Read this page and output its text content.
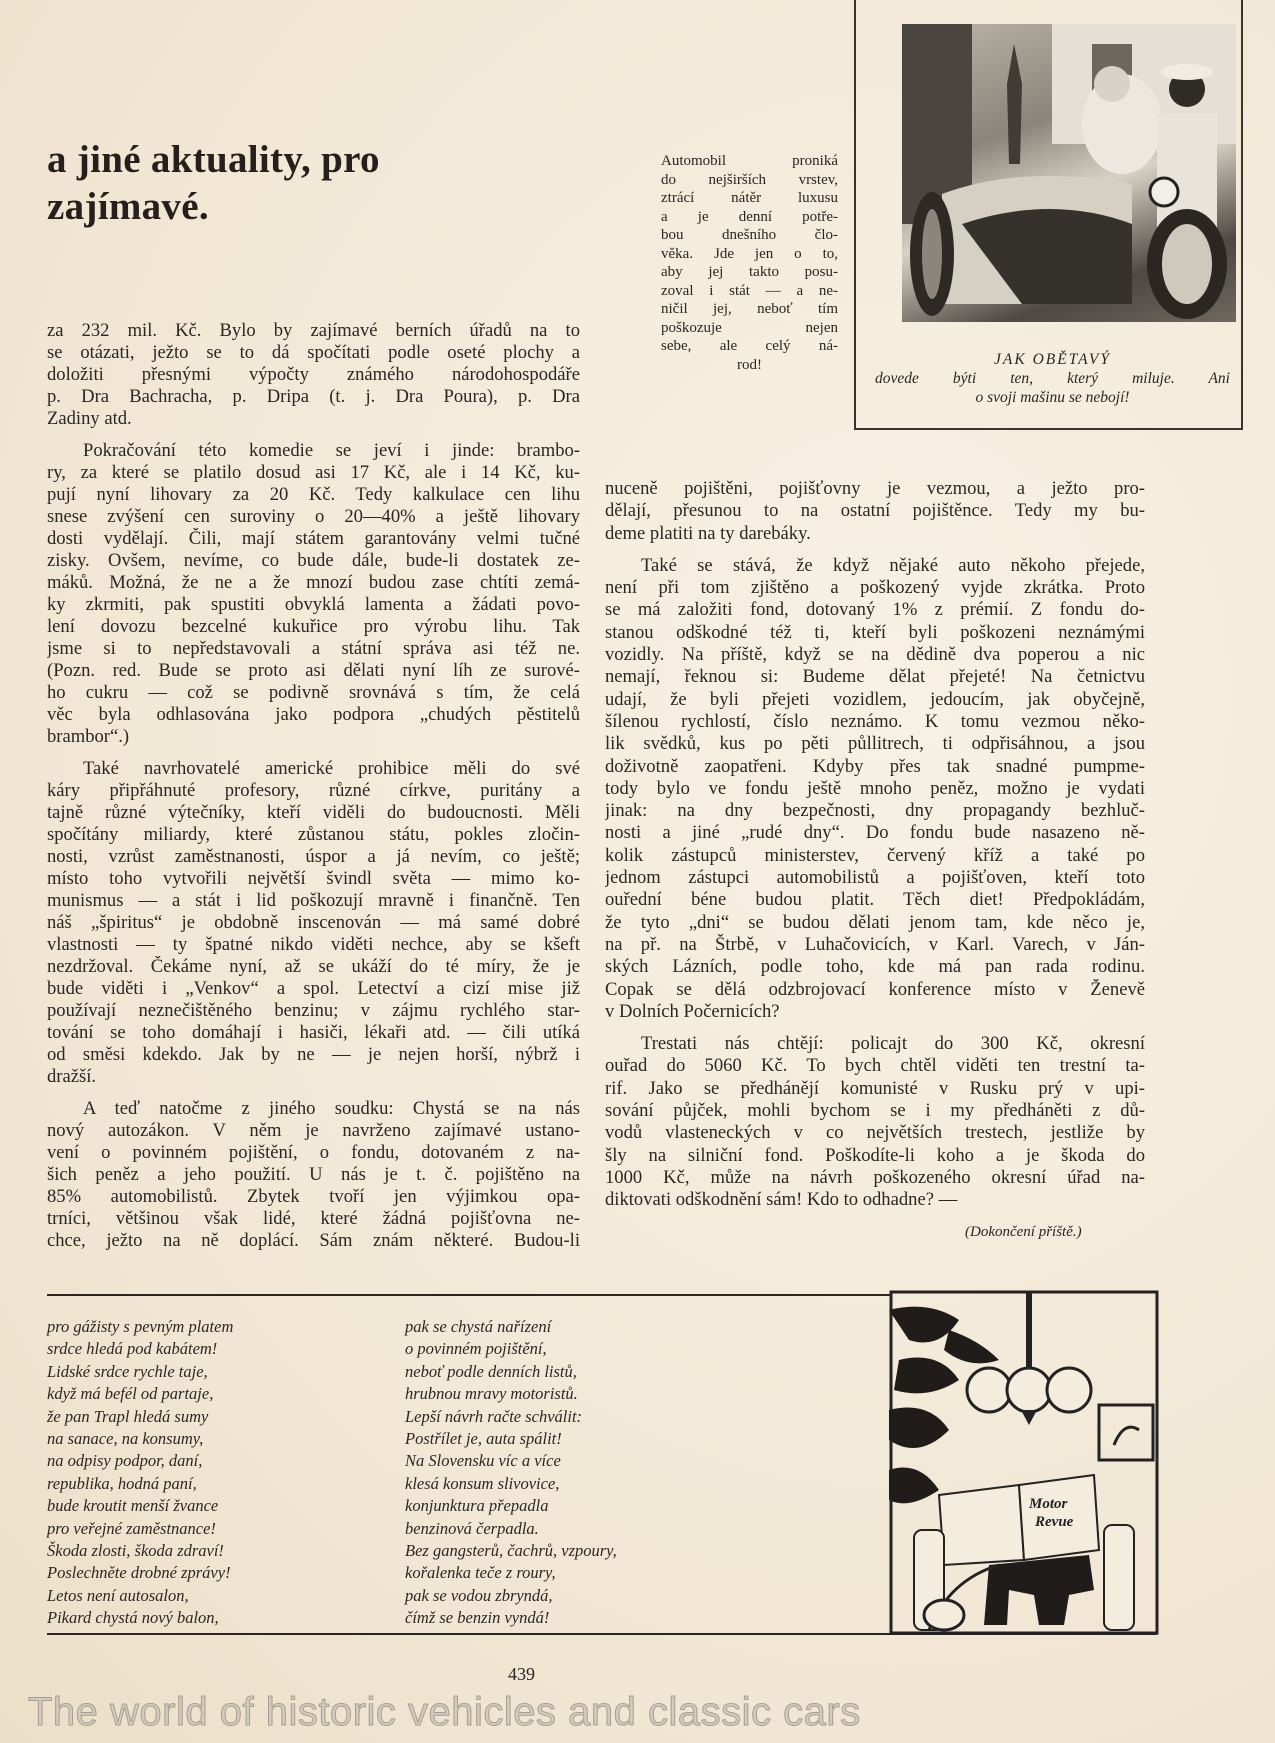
a jiné aktuality, pro
zajímavé.
za 232 mil. Kč. Bylo by zajímavé berních úřadů na to
se otázati, ježto se to dá spočítati podle oseté plochy a
doložiti přesnými výpočty známého národohospodáře
p. Dra Bachracha, p. Dripa (t. j. Dra Poura), p. Dra
Zadiny atd.
Pokračování této komedie se jeví i jinde: brambo-
ry, za které se platilo dosud asi 17 Kč, ale i 14 Kč, ku-
pují nyní lihovary za 20 Kč. Tedy kalkulace cen lihu
snese zvýšení cen suroviny o 20—40% a ještě lihovary
dosti vydělají. Čili, mají státem garantovány velmi tučné
zisky. Ovšem, nevíme, co bude dále, bude-li dostatek ze-
máků. Možná, že ne a že mnozí budou zase chtíti zemá-
ky zkrmiti, pak spustiti obvyklá lamenta a žádati povo-
lení dovozu bezcelné kukuřice pro výrobu lihu. Tak
jsme si to nepředstavovali a státní správa asi též ne.
(Pozn. red. Bude se proto asi dělati nyní líh ze surové-
ho cukru — což se podivně srovnává s tím, že celá
věc byla odhlasována jako podpora „chudých pěstitelů
brambor“.)
Také navrhovatelé americké prohibice měli do své
káry připřáhnuté profesory, různé církve, puritány a
tajně různé výtečníky, kteří viděli do budoucnosti. Měli
spočítány miliardy, které zůstanou státu, pokles zločin-
nosti, vzrůst zaměstnanosti, úspor a já nevím, co ještě;
místo toho vytvořili největší švindl světa — mimo ko-
munismus — a stát i lid poškozují mravně i finančně. Ten
náš „špiritus“ je obdobně inscenován — má samé dobré
vlastnosti — ty špatné nikdo viděti nechce, aby se kšeft
nezdržoval. Čekáme nyní, až se ukáží do té míry, že je
bude viděti i „Venkov“ a spol. Letectví a cizí mise již
používají neznečištěného benzinu; v zájmu rychlého star-
tování se toho domáhají i hasiči, lékaři atd. — čili utíká
od směsi kdekdo. Jak by ne — je nejen horší, nýbrž i
dražší.
A teď natočme z jiného soudku: Chystá se na nás
nový autozákon. V něm je navrženo zajímavé ustano-
vení o povinném pojištění, o fondu, dotovaném z na-
šich peněz a jeho použití. U nás je t. č. pojištěno na
85% automobilistů. Zbytek tvoří jen výjimkou opa-
trníci, většinou však lidé, které žádná pojišťovna ne-
chce, ježto na ně doplácí. Sám znám některé. Budou-li
nuceně pojištěni, pojišťovny je vezmou, a ježto pro-
dělají, přesunou to na ostatní pojištěnce. Tedy my bu-
deme platiti na ty darebáky.
Také se stává, že když nějaké auto někoho přejede,
není při tom zjištěno a poškozený vyjde zkrátka. Proto
se má založiti fond, dotovaný 1% z prémií. Z fondu do-
stanou odškodné též ti, kteří byli poškozeni neznámými
vozidly. Na příště, když se na dědině dva poperou a nic
nemají, řeknou si: Budeme dělat přejeté! Na četnictvu
udají, že byli přejeti vozidlem, jedoucím, jak obyčejně,
šílenou rychlostí, číslo neznámo. K tomu vezmou něko-
lik svědků, kus po pěti půllitrech, ti odpřisáhnou, a jsou
doživotně zaopatřeni. Kdyby přes tak snadné pumpme-
tody bylo ve fondu ještě mnoho peněz, možno je vydati
jinak: na dny bezpečnosti, dny propagandy bezhluč-
nosti a jiné „rudé dny“. Do fondu bude nasazeno ně-
kolik zástupců ministerstev, červený kříž a také po
jednom zástupci automobilistů a pojišťoven, kteří toto
ouřední béne budou platit. Těch diet! Předpokládám,
že tyto „dni“ se budou dělati jenom tam, kde něco je,
na př. na Štrbě, v Luhačovicích, v Karl. Varech, v Ján-
ských Lázních, podle toho, kde má pan rada rodinu.
Copak se dělá odzbrojovací konference místo v Ženevě
v Dolních Počernicích?
Trestati nás chtějí: policajt do 300 Kč, okresní
ouřad do 5060 Kč. To bych chtěl viděti ten trestní ta-
rif. Jako se předhánějí komunisté v Rusku prý v upi-
sování půjček, mohli bychom se i my předháněti z dů-
vodů vlasteneckých v co největších trestech, jestliže by
šly na silniční fond. Poškodíte-li koho a je škoda do
1000 Kč, může na návrh poškozeného okresní úřad na-
diktovati odškodnění sám! Kdo to odhadne? —
(Dokončení příště.)
Automobil proniká
do nejširších vrstev,
ztrácí nátěr luxusu
a je denní potře-
bou dnešního člo-
věka. Jde jen o to,
aby jej takto posu-
zoval i stát — a ne-
ničil jej, neboť tím
poškozuje nejen
sebe, ale celý ná-
rod!	JAK OBĚTAVÝ
dovede býti ten, který miluje. Ani
o svoji mašinu se nebojí!
pro gážisty s pevným platem
srdce hledá pod kabátem!
Lidské srdce rychle taje,
když má befél od partaje,
že pan Trapl hledá sumy
na sanace, na konsumy,
na odpisy podpor, daní,
republika, hodná paní,
bude kroutit menší žvance
pro veřejné zaměstnance!
Škoda zlosti, škoda zdraví!
Poslechněte drobné zprávy!
Letos není autosalon,
Pikard chystá nový balon,
pak se chystá nařízení
o povinném pojištění,
neboť podle denních listů,
hrubnou mravy motoristů.
Lepší návrh račte schválit:
Postřílet je, auta spálit!
Na Slovensku víc a více
klesá konsum slivovice,
konjunktura přepadla
benzinová čerpadla.
Bez gangsterů, čachrů, vzpoury,
kořalenka teče z roury,
pak se vodou zbryndá,
čímž se benzin vyndá!
Motor
Revue
439
The world of historic vehicles and classic cars
